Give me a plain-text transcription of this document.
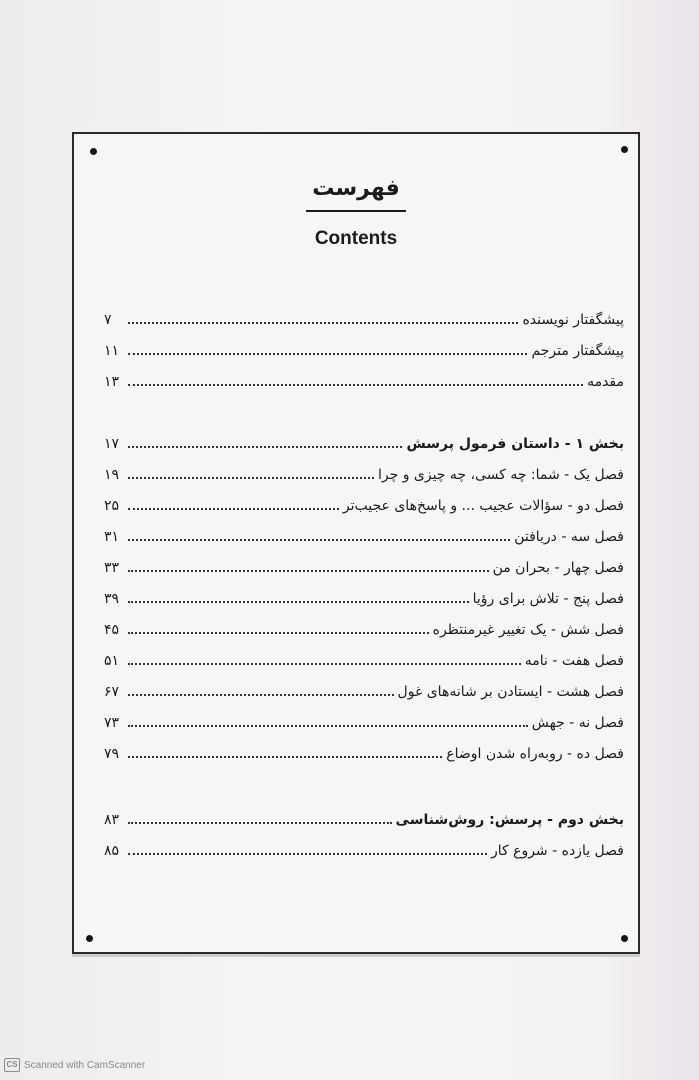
فهرست
Contents
پیشگفتار نویسنده
۷
پیشگفتار مترجم
۱۱
مقدمه
۱۳
بخش ۱ - داستان فرمول پرسش
۱۷
فصل یک - شما: چه کسی، چه چیزی و چرا
۱۹
فصل دو - سؤالات عجیب ... و پاسخ‌های عجیب‌تر
۲۵
فصل سه - دریافتن
۳۱
فصل چهار - بحران من
۳۳
فصل پنج - تلاش برای رؤیا
۳۹
فصل شش - یک تغییر غیرمنتظره
۴۵
فصل هفت - نامه
۵۱
فصل هشت - ایستادن بر شانه‌های غول
۶۷
فصل نه - جهش
۷۳
فصل ده - روبه‌راه شدن اوضاع
۷۹
بخش دوم - پرسش: روش‌شناسی
۸۳
فصل یازده - شروع کار
۸۵
CS Scanned with CamScanner
